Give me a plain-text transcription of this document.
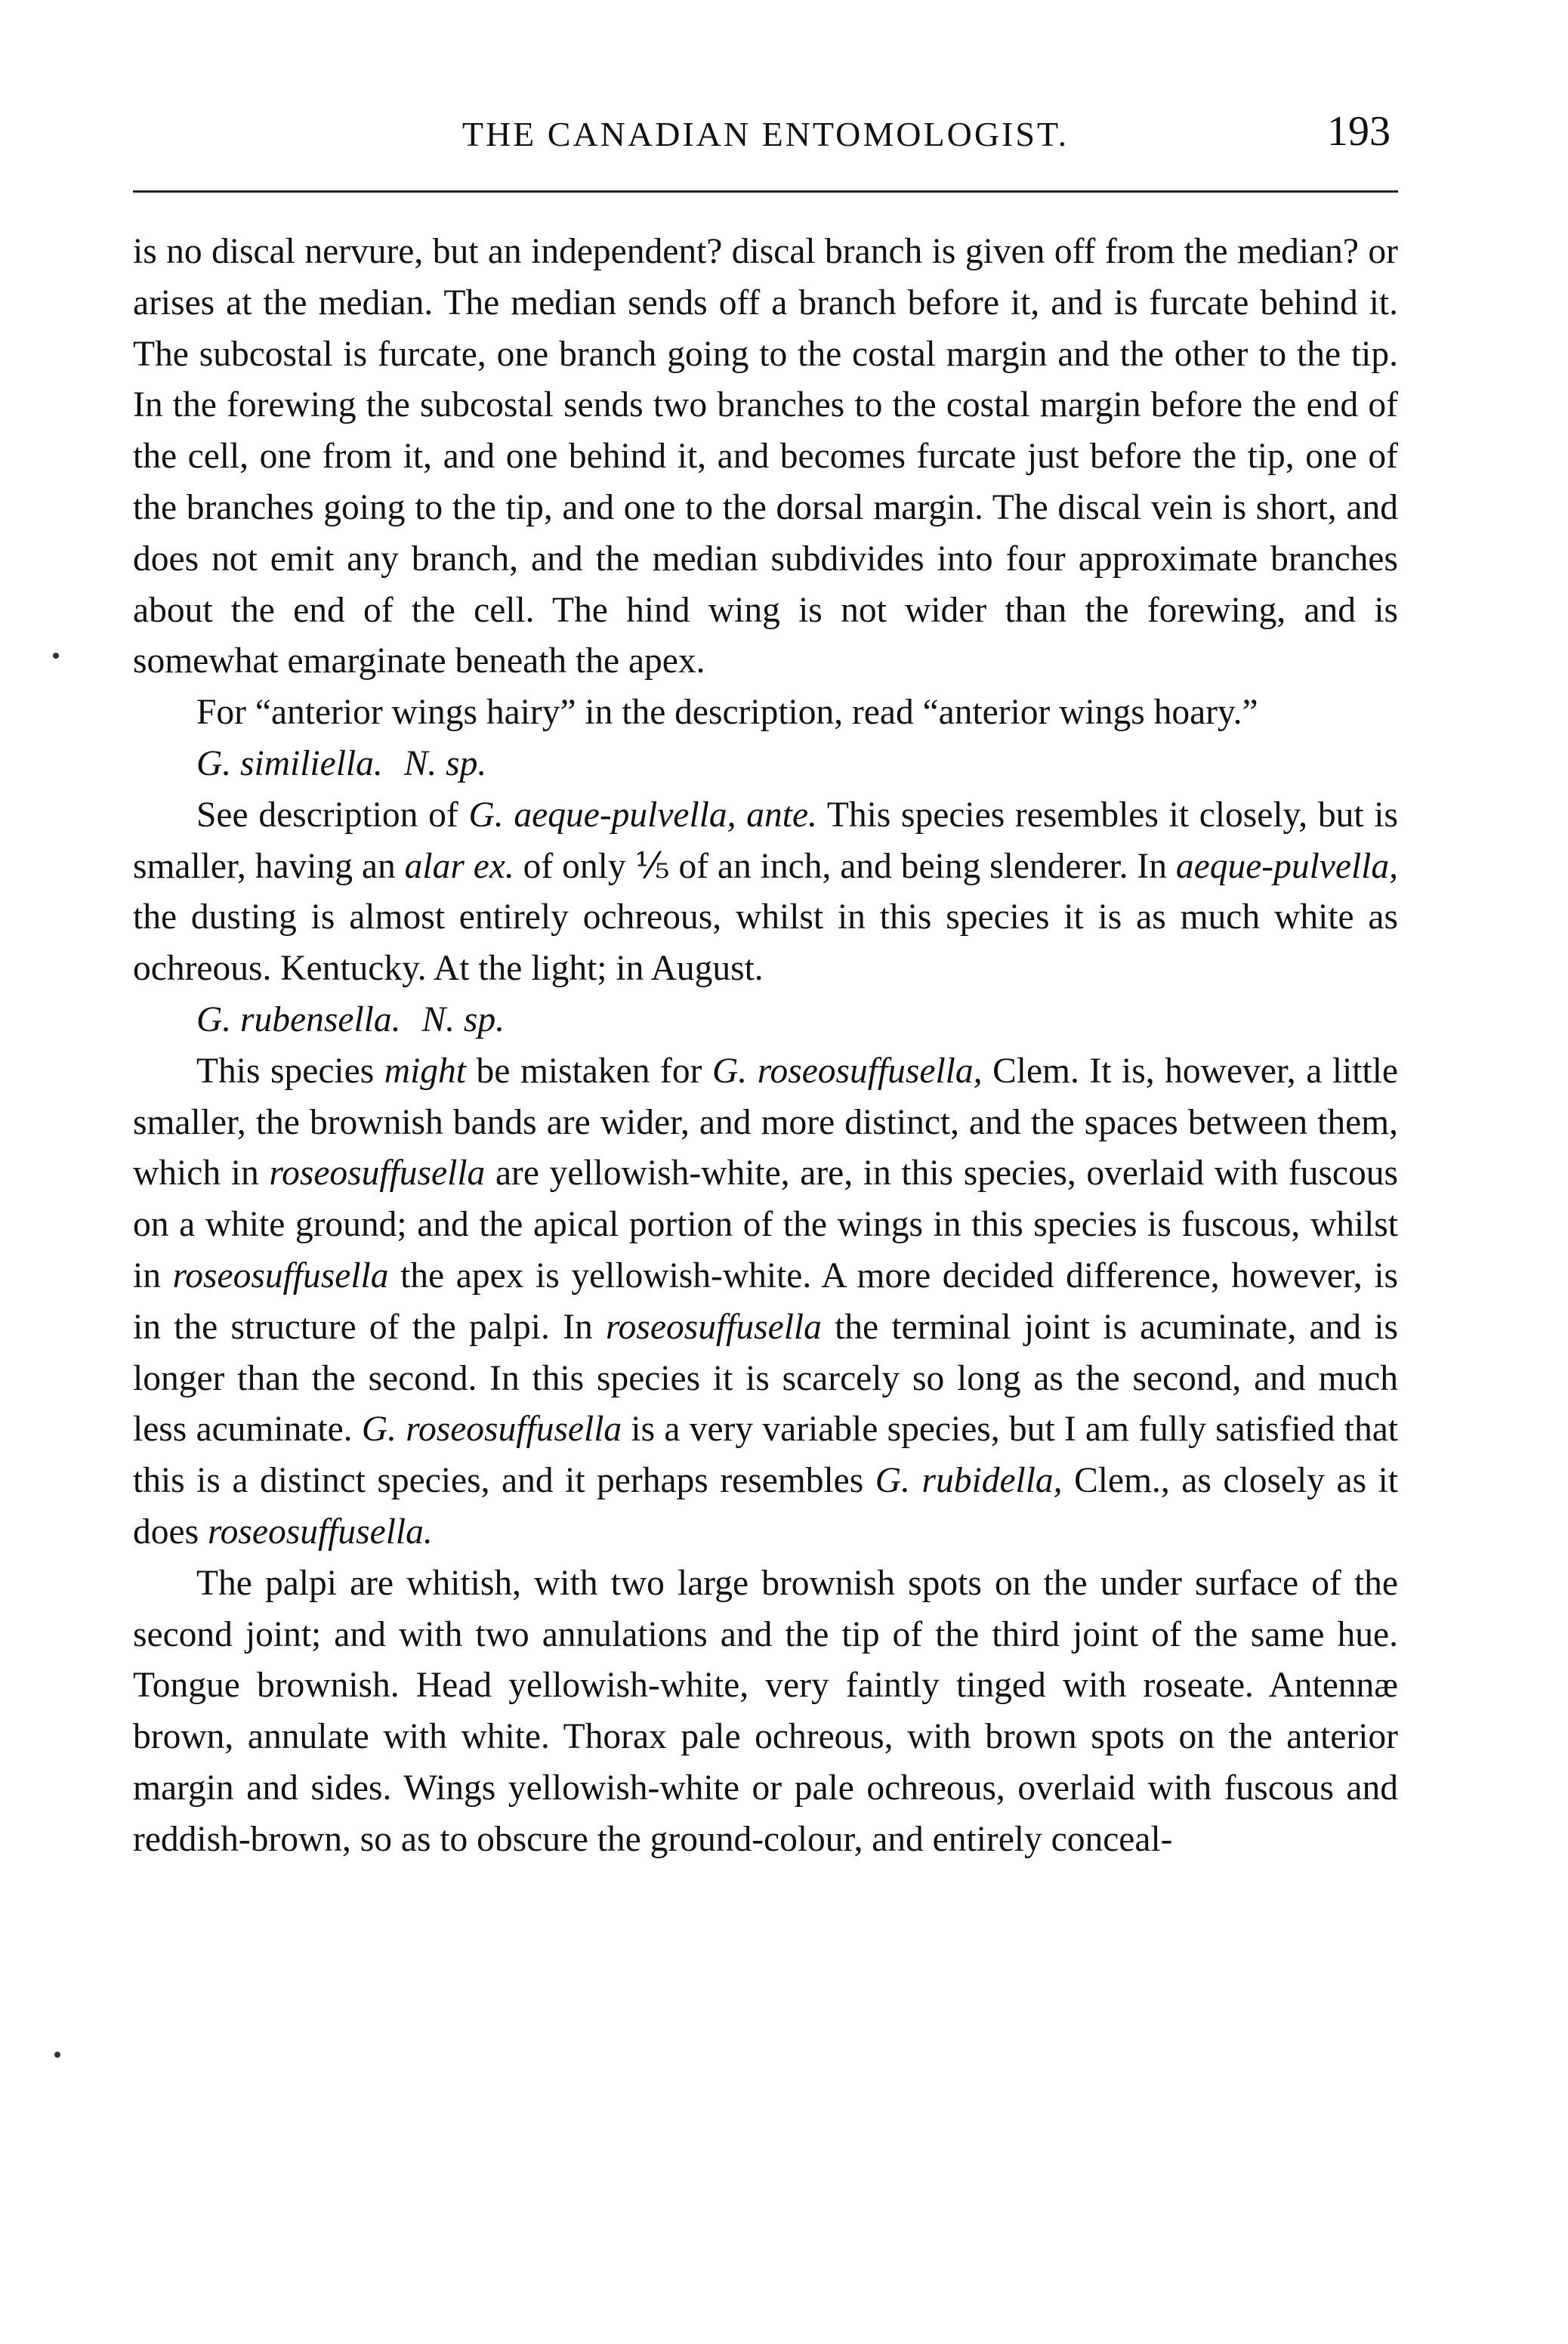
THE CANADIAN ENTOMOLOGIST.	193

is no discal nervure, but an independent? discal branch is given off from the median? or arises at the median. The median sends off a branch before it, and is furcate behind it. The subcostal is furcate, one branch going to the costal margin and the other to the tip. In the forewing the subcostal sends two branches to the costal margin before the end of the cell, one from it, and one behind it, and becomes furcate just before the tip, one of the branches going to the tip, and one to the dorsal margin. The discal vein is short, and does not emit any branch, and the median subdivides into four approximate branches about the end of the cell. The hind wing is not wider than the forewing, and is somewhat emarginate beneath the apex.

For “anterior wings hairy” in the description, read “anterior wings hoary.”

G. similiella. N. sp.

See description of G. aeque-pulvella, ante. This species resembles it closely, but is smaller, having an alar ex. of only ⅕ of an inch, and being slenderer. In aeque-pulvella, the dusting is almost entirely ochreous, whilst in this species it is as much white as ochreous. Kentucky. At the light; in August.

G. rubensella. N. sp.

This species might be mistaken for G. roseosuffusella, Clem. It is, however, a little smaller, the brownish bands are wider, and more distinct, and the spaces between them, which in roseosuffusella are yellowish-white, are, in this species, overlaid with fuscous on a white ground; and the apical portion of the wings in this species is fuscous, whilst in roseosuffusella the apex is yellowish-white. A more decided difference, however, is in the structure of the palpi. In roseosuffusella the terminal joint is acuminate, and is longer than the second. In this species it is scarcely so long as the second, and much less acuminate. G. roseosuffusella is a very variable species, but I am fully satisfied that this is a distinct species, and it perhaps resembles G. rubidella, Clem., as closely as it does roseosuffusella.

The palpi are whitish, with two large brownish spots on the under surface of the second joint; and with two annulations and the tip of the third joint of the same hue. Tongue brownish. Head yellowish-white, very faintly tinged with roseate. Antennæ brown, annulate with white. Thorax pale ochreous, with brown spots on the anterior margin and sides. Wings yellowish-white or pale ochreous, overlaid with fuscous and reddish-brown, so as to obscure the ground-colour, and entirely conceal-
